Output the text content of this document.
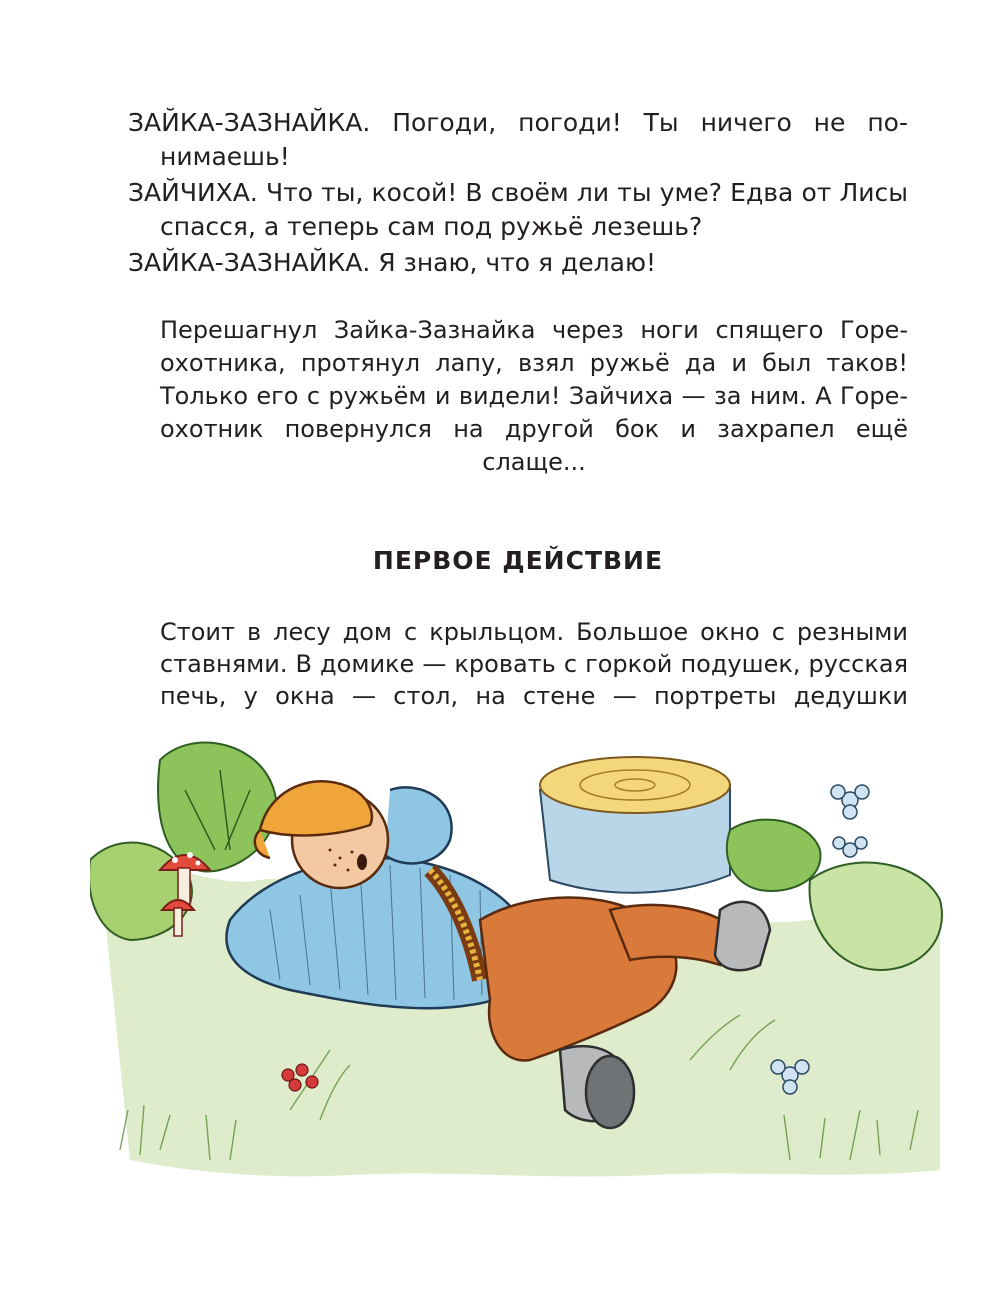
ЗАЙКА-ЗАЗНАЙКА. Погоди, погоди! Ты ничего не по-нимаешь!

ЗАЙЧИХА. Что ты, косой! В своём ли ты уме? Едва от Лисы спасся, а теперь сам под ружьё лезешь?

ЗАЙКА-ЗАЗНАЙКА. Я знаю, что я делаю!

Перешагнул Зайка-Зазнайка через ноги спящего Горе-охотника, протянул лапу, взял ружьё да и был таков! Только его с ружьём и видели! Зайчиха — за ним. А Горе-охотник повернулся на другой бок и захрапел ещё слаще...

ПЕРВОЕ ДЕЙСТВИЕ

Стоит в лесу дом с крыльцом. Большое окно с резными ставнями. В домике — кровать с горкой подушек, русская печь, у окна — стол, на стене — портреты дедушки
